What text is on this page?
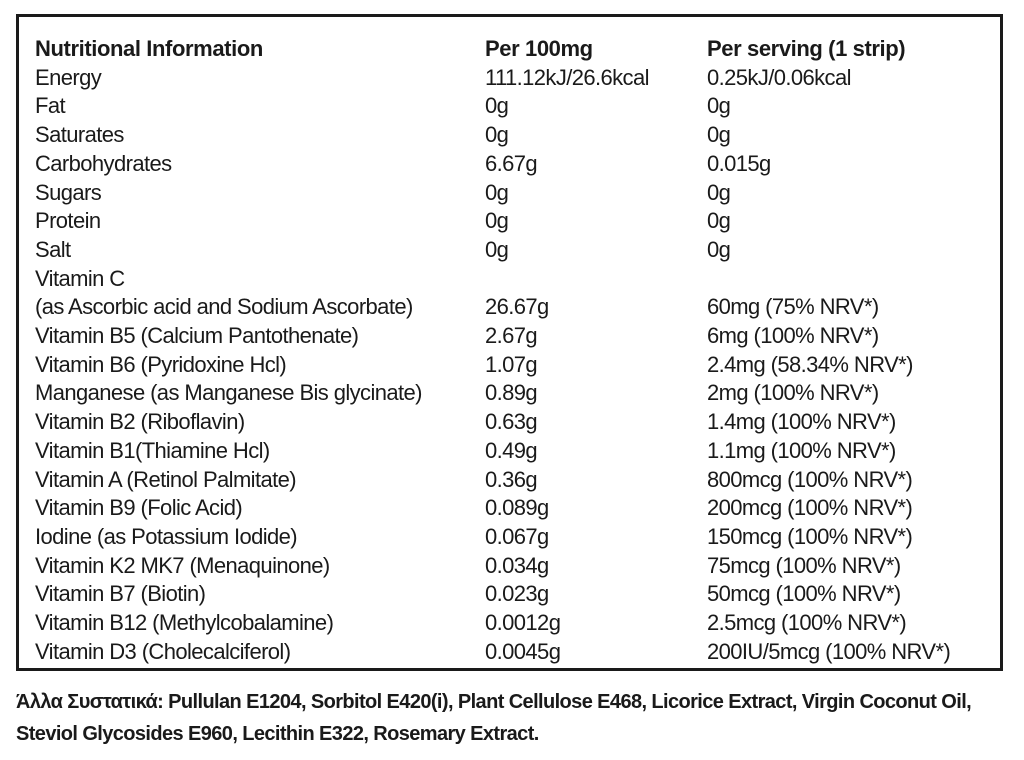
Nutritional Information	Per 100mg	Per serving (1 strip)
Energy	111.12kJ/26.6kcal	0.25kJ/0.06kcal
Fat	0g	0g
Saturates	0g	0g
Carbohydrates	6.67g	0.015g
Sugars	0g	0g
Protein	0g	0g
Salt	0g	0g
Vitamin C		
(as Ascorbic acid and Sodium Ascorbate)	26.67g	60mg (75% NRV*)
Vitamin B5 (Calcium Pantothenate)	2.67g	6mg (100% NRV*)
Vitamin B6 (Pyridoxine Hcl)	1.07g	2.4mg (58.34% NRV*)
Manganese (as Manganese Bis glycinate)	0.89g	2mg (100% NRV*)
Vitamin B2 (Riboflavin)	0.63g	1.4mg (100% NRV*)
Vitamin B1(Thiamine Hcl)	0.49g	1.1mg (100% NRV*)
Vitamin A (Retinol Palmitate)	0.36g	800mcg (100% NRV*)
Vitamin B9 (Folic Acid)	0.089g	200mcg (100% NRV*)
Iodine (as Potassium Iodide)	0.067g	150mcg (100% NRV*)
Vitamin K2 MK7 (Menaquinone)	0.034g	75mcg (100% NRV*)
Vitamin B7 (Biotin)	0.023g	50mcg (100% NRV*)
Vitamin B12 (Methylcobalamine)	0.0012g	2.5mcg (100% NRV*)
Vitamin D3 (Cholecalciferol)	0.0045g	200IU/5mcg (100% NRV*)

Άλλα Συστατικά: Pullulan E1204, Sorbitol E420(i), Plant Cellulose E468, Licorice Extract, Virgin Coconut Oil, Steviol Glycosides E960, Lecithin E322, Rosemary Extract.
